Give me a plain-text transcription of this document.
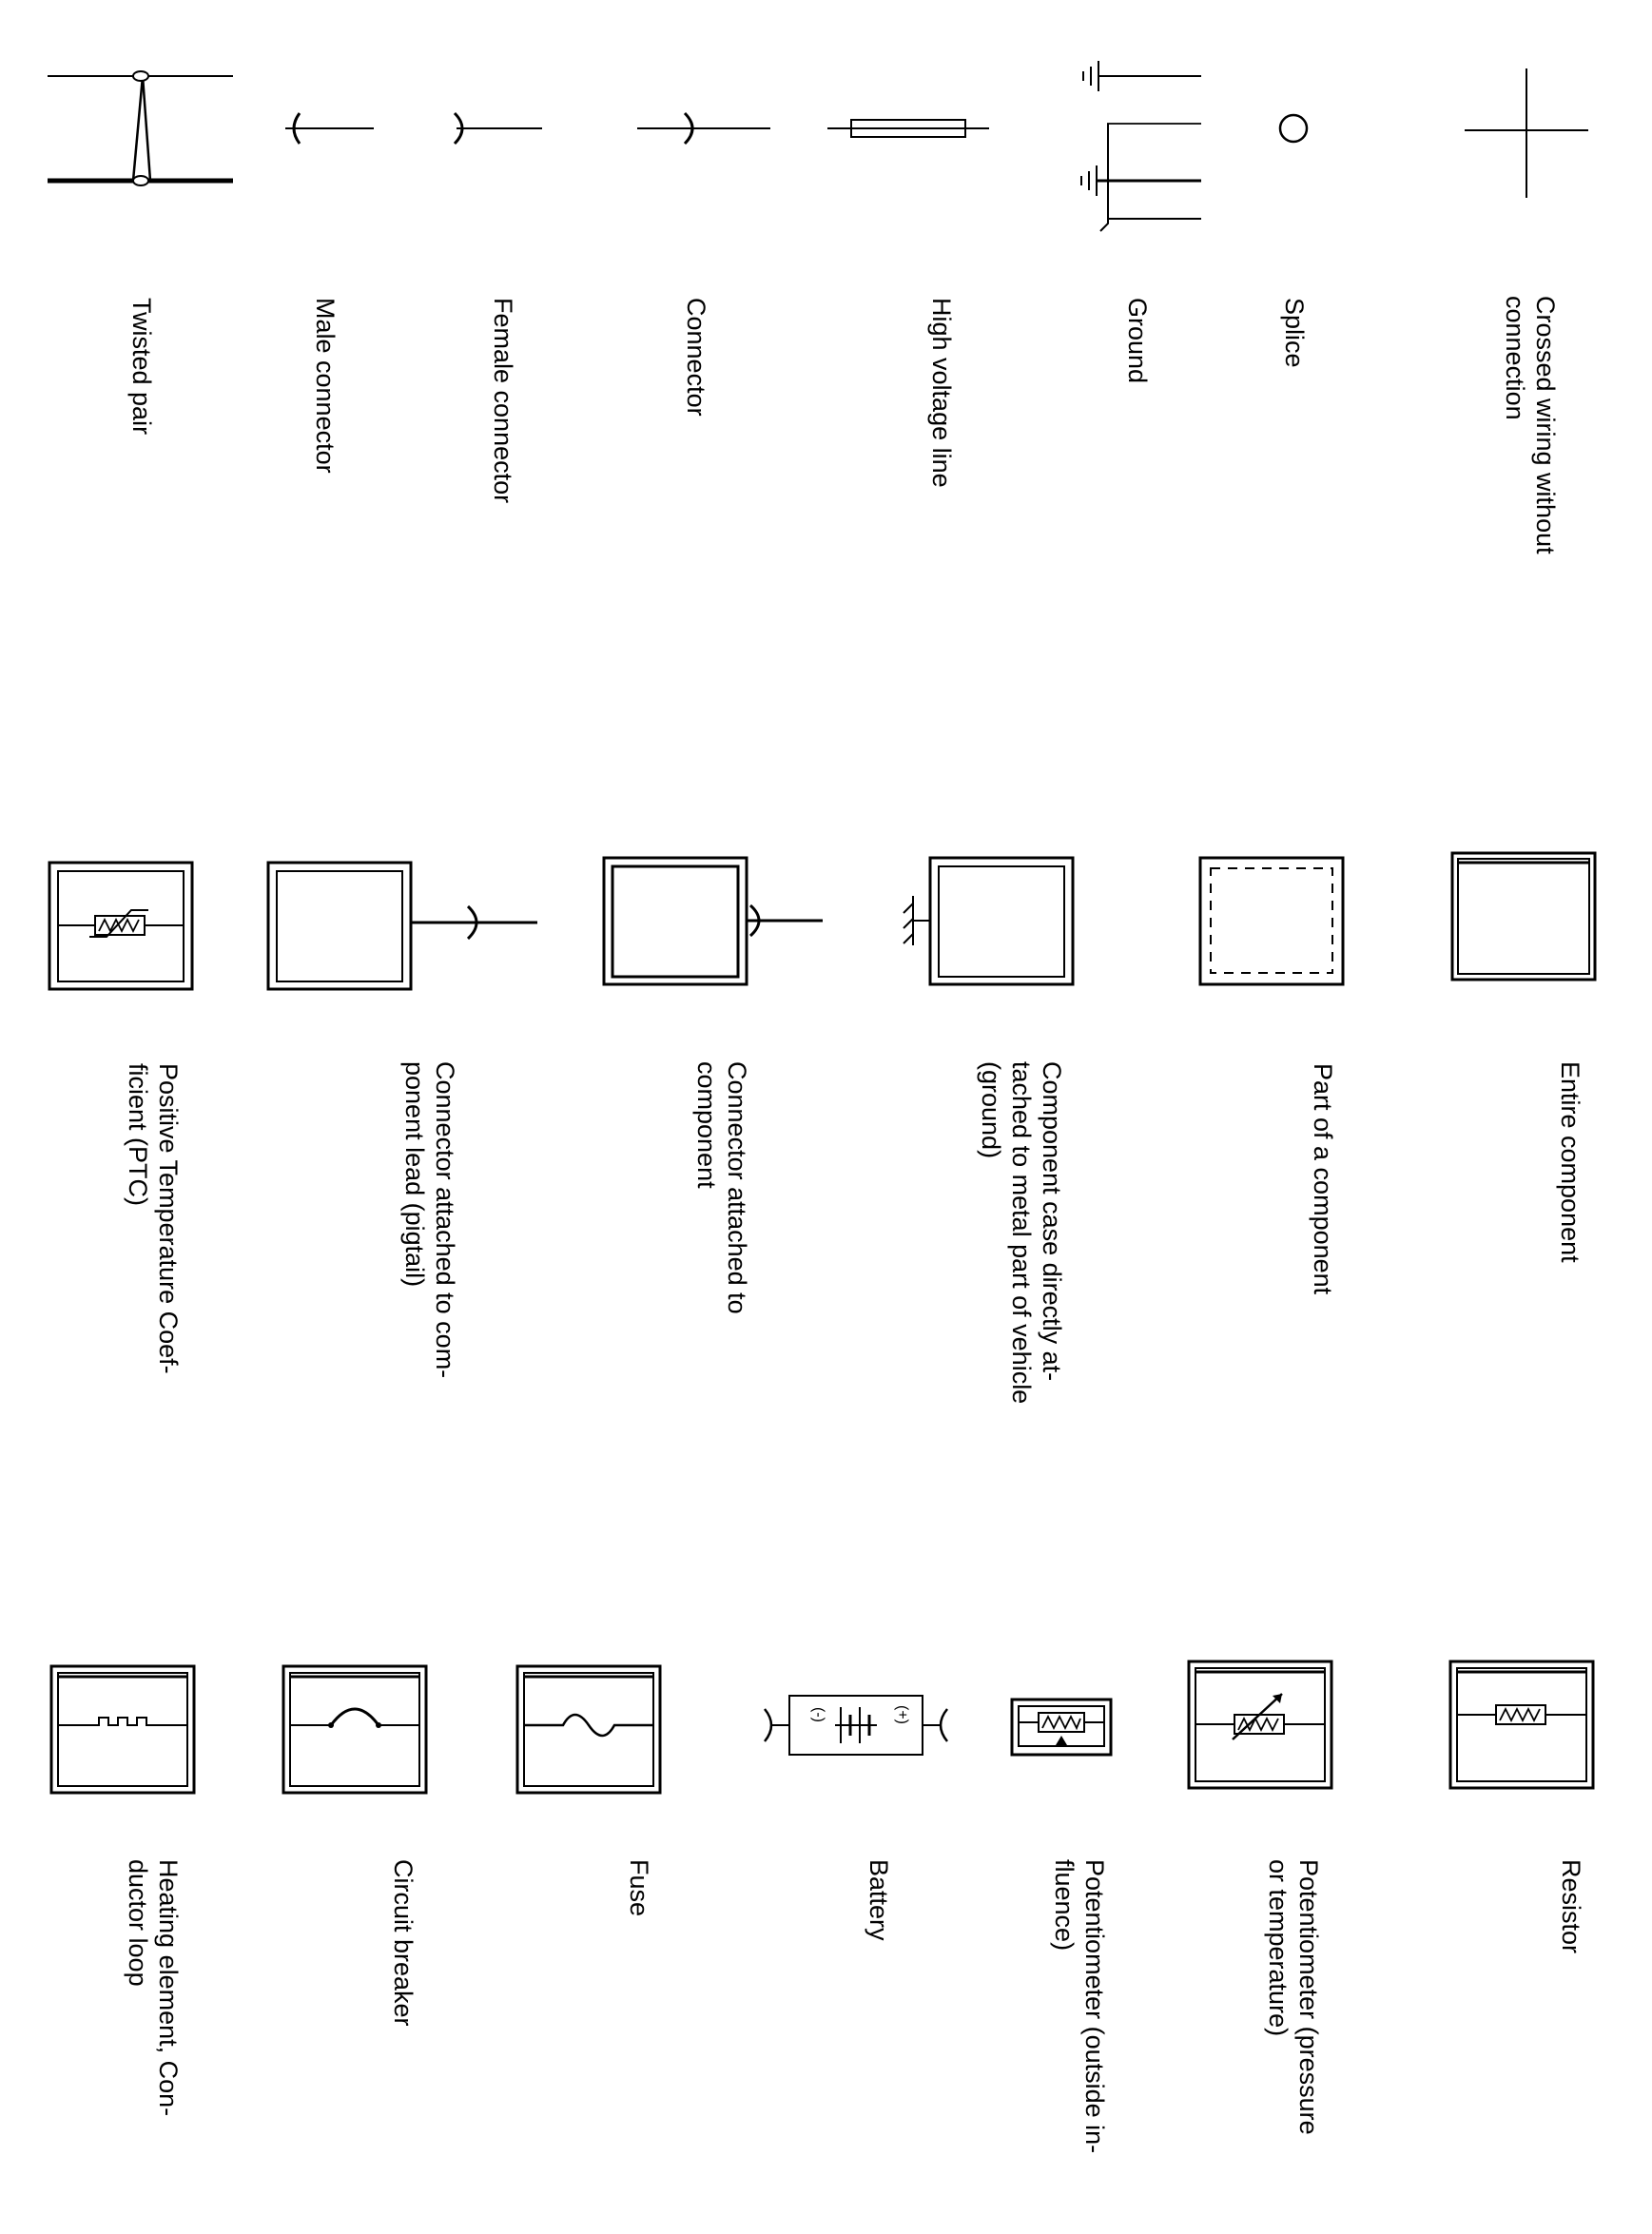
Twisted pair	Male connector	Female connector	Connector	High voltage line	Ground	Splice	Crossed wiring without
connection
Positive Temperature Coef-
ficient (PTC)	Connector attached to com-
ponent lead (pigtail)	Connector attached to
component	Component case directly at-
tached to metal part of vehicle
(ground)	Part of a component	Entire component
(-)	(+)
Heating element, Con-
ductor loop	Circuit breaker	Fuse	Battery	Potentiometer (outside in-
fluence)	Potentiometer (pressure
or temperature)	Resistor
